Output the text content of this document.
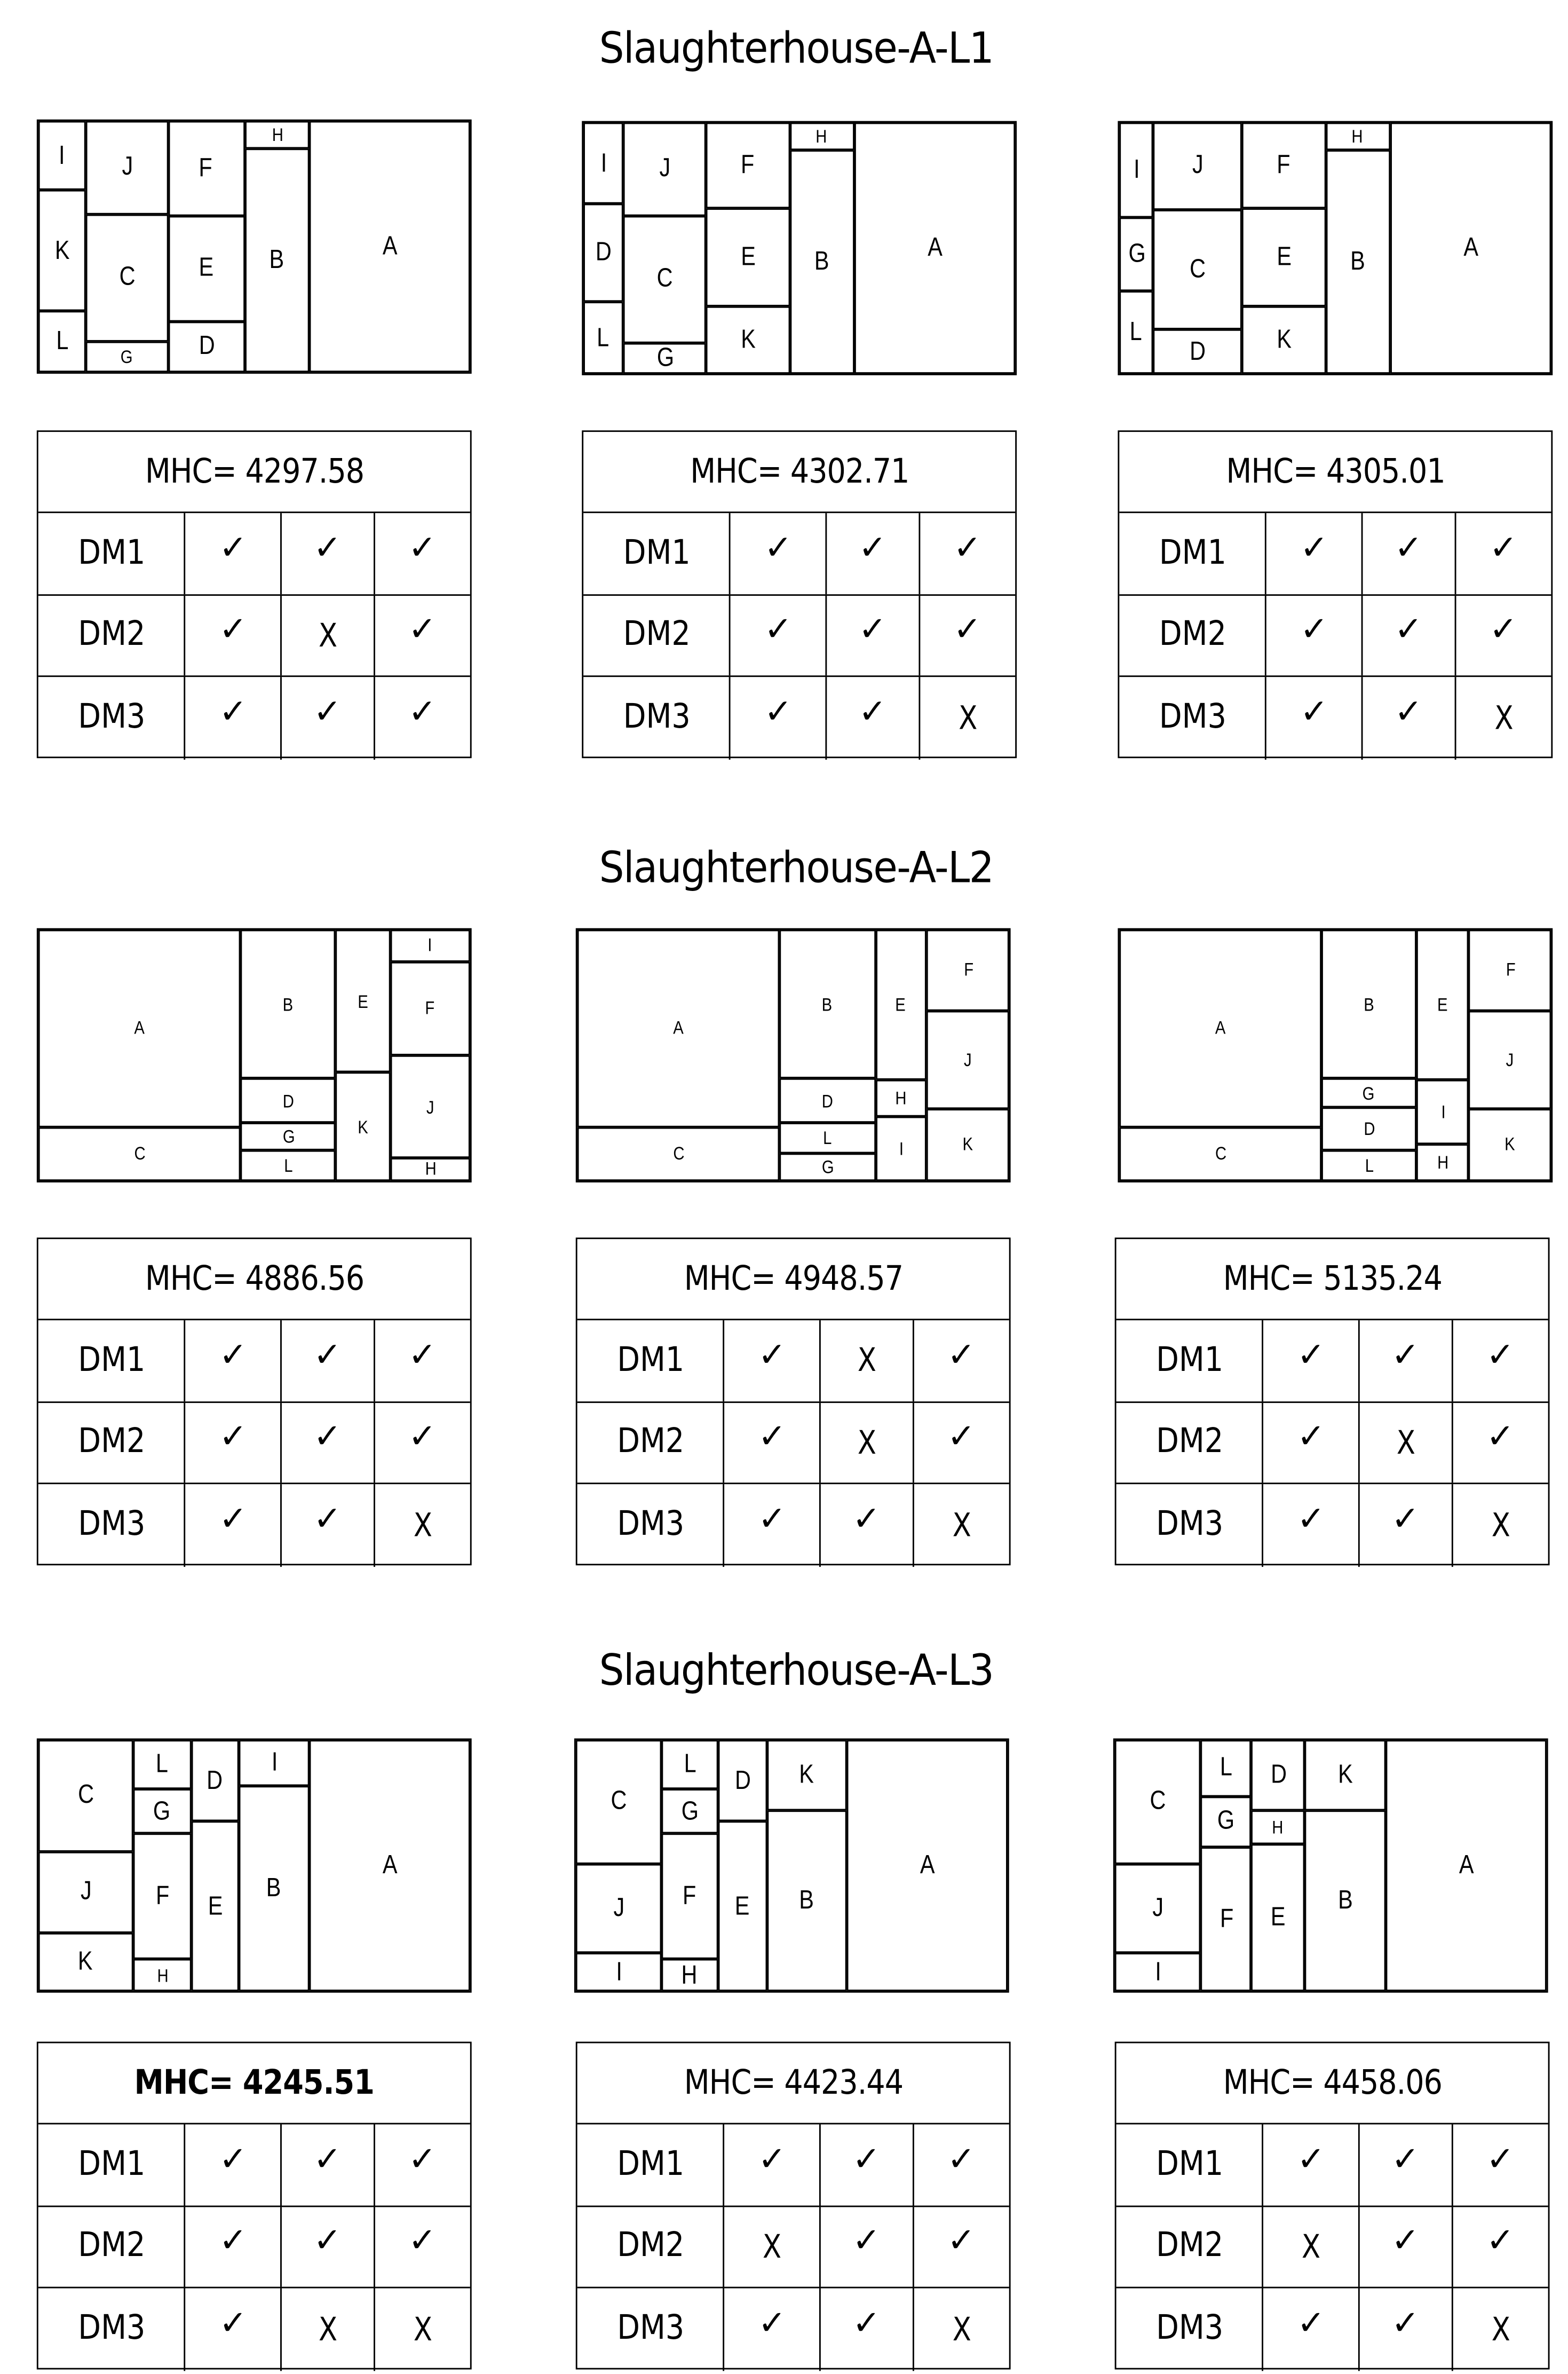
Slaughterhouse-A-L1
Slaughterhouse-A-L2
Slaughterhouse-A-L3
I
K
L
J
C
G
F
E
D
H
B	A
I
D
L
J
C
G
F
E
K
H
B	A
I
G
L
J
C
D
F
E
K
H
B	A
A
C
B
D
G
L
E
K
I
F
J
H
A
C
B
D
L
G
E
H
I
F
J
K
A
C
B
G
D
L
E
I
H
F
J
K
C
J
K
L
G
F
H
D
E
I
B
A
C
J
I
L
G
F
H
D
E
K
B
A
C
J
I
L
G
F
D
H
E
K
B
A
MHC= 4297.58
DM1	✓	✓	✓
DM2	✓	X	✓
DM3	✓	✓	✓
MHC= 4302.71
DM1	✓	✓	✓
DM2	✓	✓	✓
DM3	✓	✓	X
MHC= 4305.01
DM1	✓	✓	✓
DM2	✓	✓	✓
DM3	✓	✓	X
MHC= 4886.56
DM1	✓	✓	✓
DM2	✓	✓	✓
DM3	✓	✓	X
MHC= 4948.57
DM1	✓	X	✓
DM2	✓	X	✓
DM3	✓	✓	X
MHC= 5135.24
DM1	✓	✓	✓
DM2	✓	X	✓
DM3	✓	✓	X
MHC= 4245.51
DM1	✓	✓	✓
DM2	✓	✓	✓
DM3	✓	X	X
MHC= 4423.44
DM1	✓	✓	✓
DM2	X	✓	✓
DM3	✓	✓	X
MHC= 4458.06
DM1	✓	✓	✓
DM2	X	✓	✓
DM3	✓	✓	X
